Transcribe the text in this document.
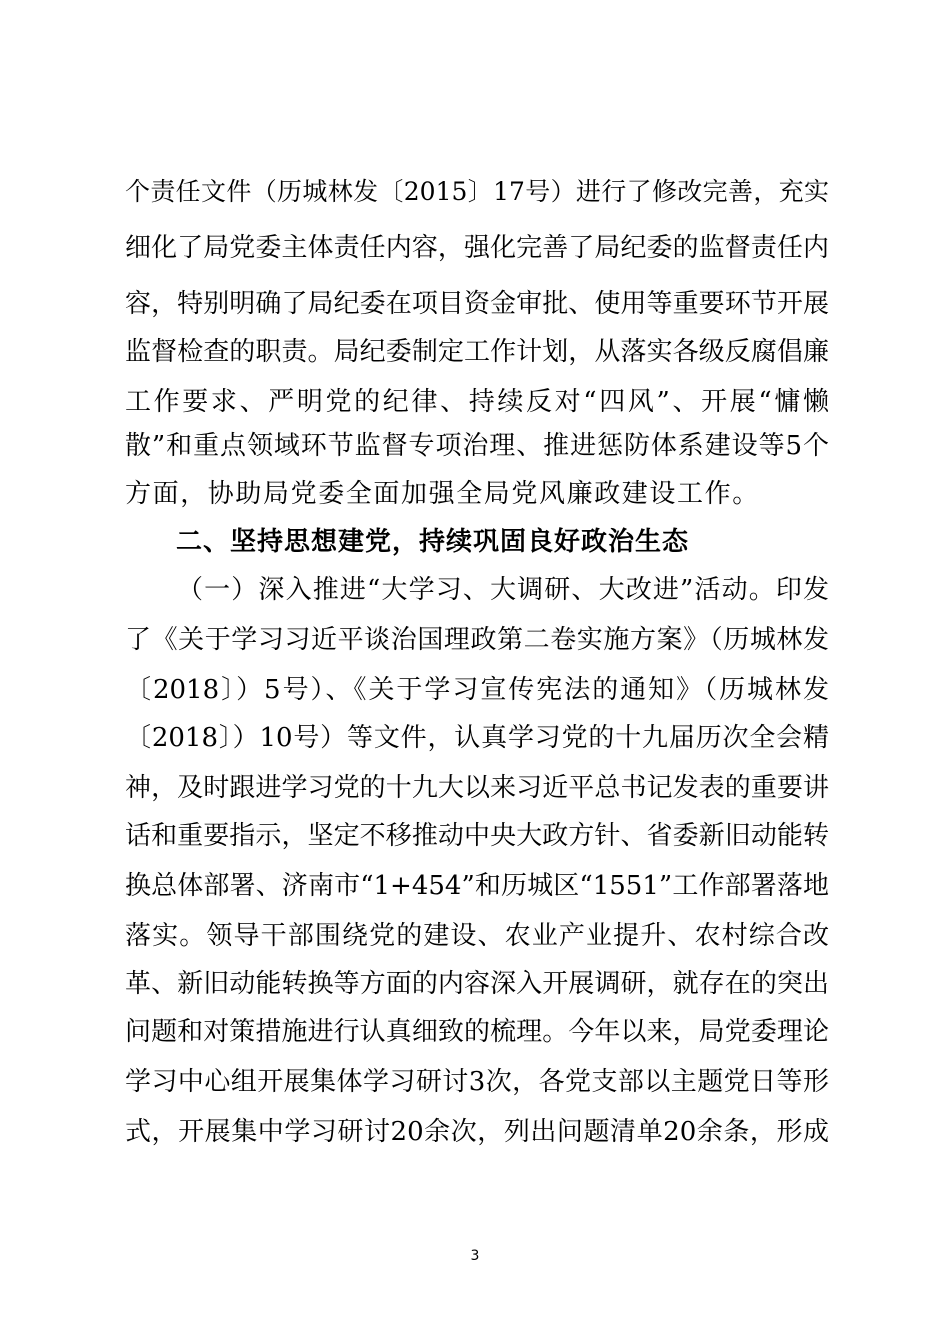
个责任文件（历城林发〔2015〕17号）进行了修改完善，充实
细化了局党委主体责任内容，强化完善了局纪委的监督责任内
容，特别明确了局纪委在项目资金审批、使用等重要环节开展
监督检查的职责。局纪委制定工作计划，从落实各级反腐倡廉
工作要求、严明党的纪律、持续反对“四风”、开展“慵懒
散”和重点领域环节监督专项治理、推进惩防体系建设等5个
方面，协助局党委全面加强全局党风廉政建设工作。
二、坚持思想建党，持续巩固良好政治生态
（一）深入推进“大学习、大调研、大改进”活动。印发
了《关于学习习近平谈治国理政第二卷实施方案》（历城林发
〔2018〕）5号）、《关于学习宣传宪法的通知》（历城林发
〔2018〕）10号）等文件，认真学习党的十九届历次全会精
神，及时跟进学习党的十九大以来习近平总书记发表的重要讲
话和重要指示，坚定不移推动中央大政方针、省委新旧动能转
换总体部署、济南市“1+454”和历城区“1551”工作部署落地
落实。领导干部围绕党的建设、农业产业提升、农村综合改
革、新旧动能转换等方面的内容深入开展调研，就存在的突出
问题和对策措施进行认真细致的梳理。今年以来，局党委理论
学习中心组开展集体学习研讨3次，各党支部以主题党日等形
式，开展集中学习研讨20余次，列出问题清单20余条，形成
3
